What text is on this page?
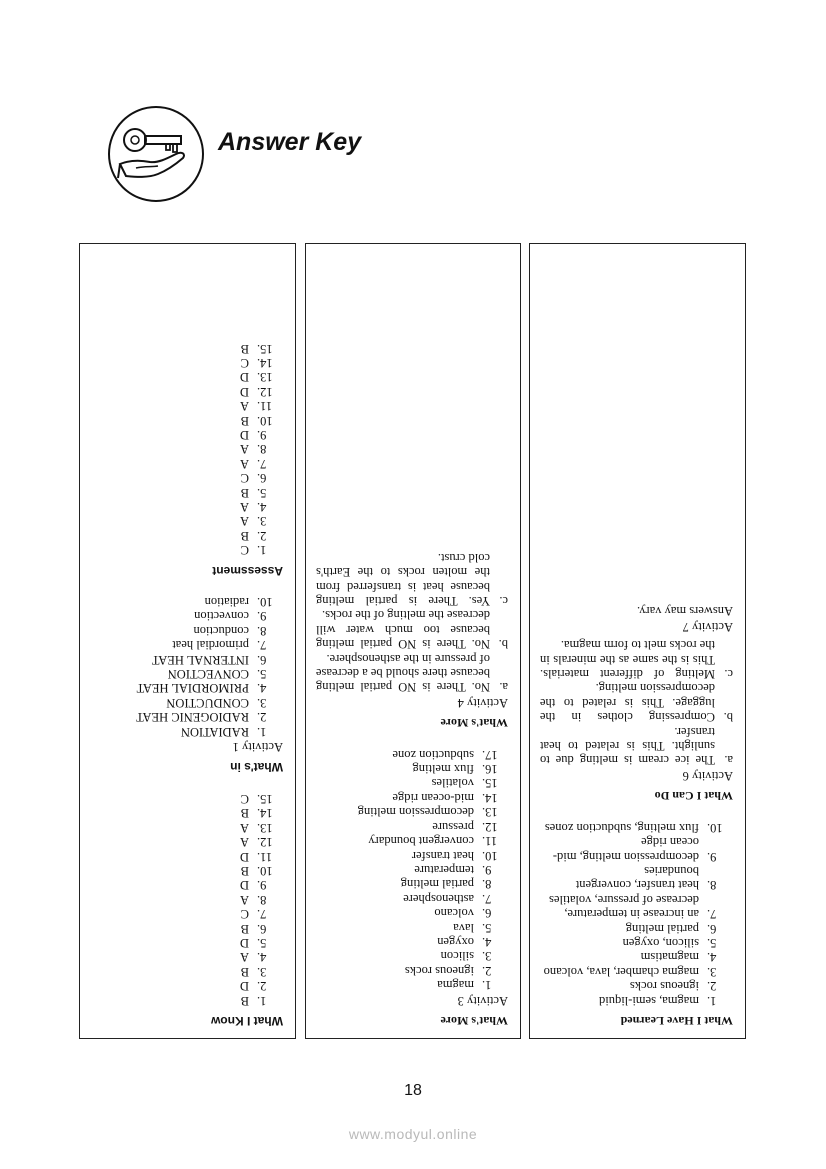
Answer Key
What I Know
1.
B
2.
D
3.
B
4.
A
5.
D
6.
B
7.
C
8.
A
9.
D
10.
B
11.
D
12.
A
13.
A
14.
B
15.
C
What's in
Activity 1
1.
RADIATION
2.
RADIOGENIC HEAT
3.
CONDUCTION
4.
PRIMORDIAL HEAT
5.
CONVECTION
6.
INTERNAL HEAT
7.
primordial heat
8.
conduction
9.
convection
10.
radiation
Assessment
1.
C
2.
B
3.
A
4.
A
5.
B
6.
C
7.
A
8.
A
9.
D
10.
B
11.
A
12.
D
13.
D
14.
C
15.
B
What's More
Activity 3
1.
magma
2.
igneous rocks
3.
silicon
4.
oxygen
5.
lava
6.
volcano
7.
asthenosphere
8.
partial melting
9.
temperature
10.
heat transfer
11.
convergent boundary
12.
pressure
13.
decompression melting
14.
mid-ocean ridge
15.
volatiles
16.
flux melting
17.
subduction zone
What's More
Activity 4
a.
No. There is NO partial melting because there should be a decrease of pressure in the asthenosphere.
b.
No. There is NO partial melting because too much water will decrease the melting of the rocks.
c.
Yes. There is partial melting because heat is transferred from the molten rocks to the Earth's cold crust.
What I Have Learned
1.
magma, semi-liquid
2.
igneous rocks
3.
magma chamber, lava, volcano
4.
magmatism
5.
silicon, oxygen
6.
partial melting
7.
an increase in temperature, decrease of pressure, volatiles
8.
heat transfer, convergent boundaries
9.
decompression melting, mid-ocean ridge
10.
flux melting, subduction zones
What I Can Do
Activity 6
a.
The ice cream is melting due to sunlight. This is related to heat transfer.
b.
Compressing clothes in the luggage. This is related to the decompression melting.
c.
Melting of different materials. This is the same as the minerals in the rocks melt to form magma.
Activity 7
Answers may vary.
18
www.modyul.online
